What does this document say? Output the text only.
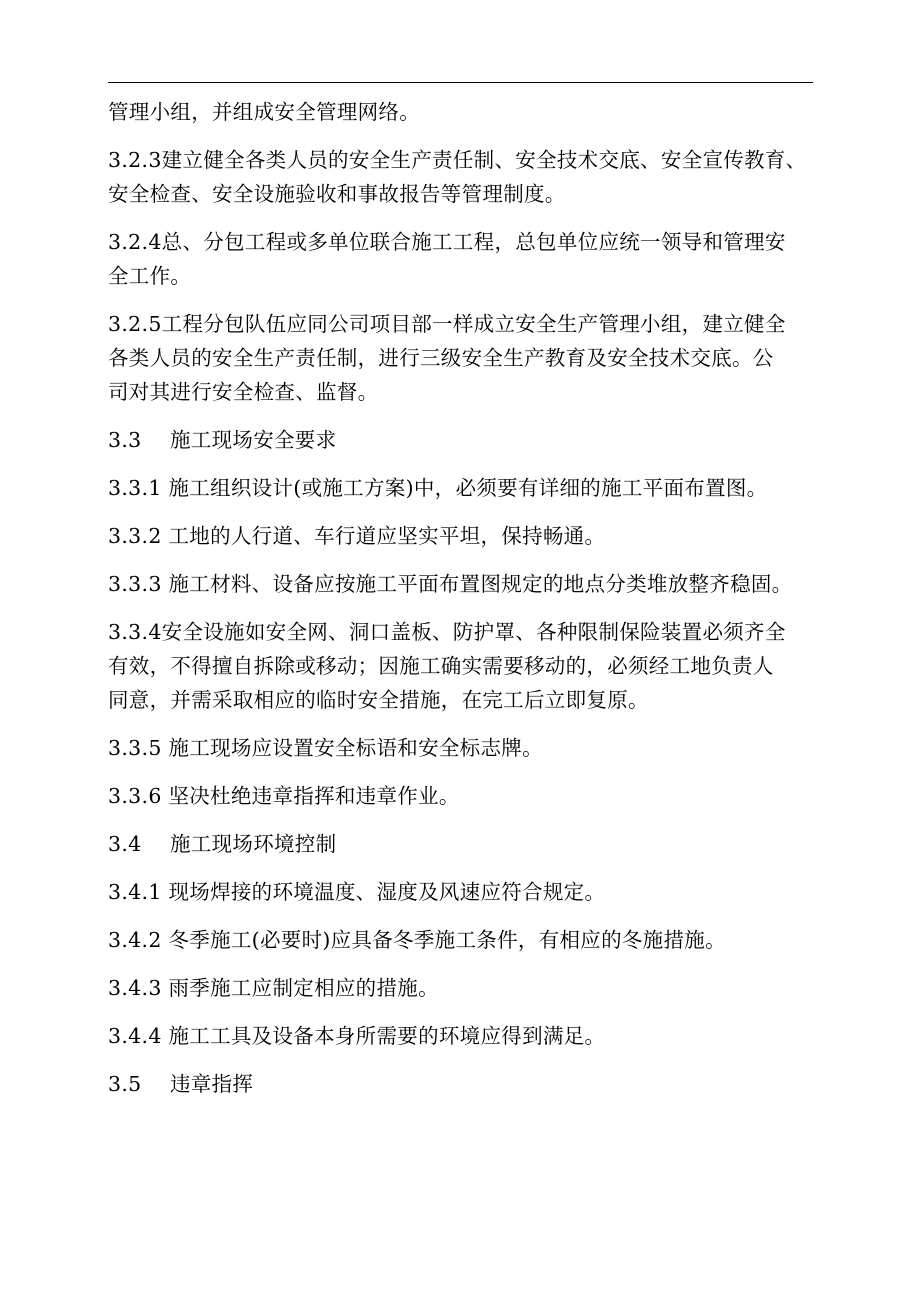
管理小组，并组成安全管理网络。
3.2.3建立健全各类人员的安全生产责任制、安全技术交底、安全宣传教育、
安全检查、安全设施验收和事故报告等管理制度。
3.2.4总、分包工程或多单位联合施工工程，总包单位应统一领导和管理安
全工作。
3.2.5工程分包队伍应同公司项目部一样成立安全生产管理小组，建立健全
各类人员的安全生产责任制，进行三级安全生产教育及安全技术交底。公
司对其进行安全检查、监督。
3.3 施工现场安全要求
3.3.1 施工组织设计(或施工方案)中，必须要有详细的施工平面布置图。
3.3.2 工地的人行道、车行道应坚实平坦，保持畅通。
3.3.3 施工材料、设备应按施工平面布置图规定的地点分类堆放整齐稳固。
3.3.4安全设施如安全网、洞口盖板、防护罩、各种限制保险装置必须齐全
有效，不得擅自拆除或移动；因施工确实需要移动的，必须经工地负责人
同意，并需采取相应的临时安全措施，在完工后立即复原。
3.3.5 施工现场应设置安全标语和安全标志牌。
3.3.6 坚决杜绝违章指挥和违章作业。
3.4 施工现场环境控制
3.4.1 现场焊接的环境温度、湿度及风速应符合规定。
3.4.2 冬季施工(必要时)应具备冬季施工条件，有相应的冬施措施。
3.4.3 雨季施工应制定相应的措施。
3.4.4 施工工具及设备本身所需要的环境应得到满足。
3.5 违章指挥
